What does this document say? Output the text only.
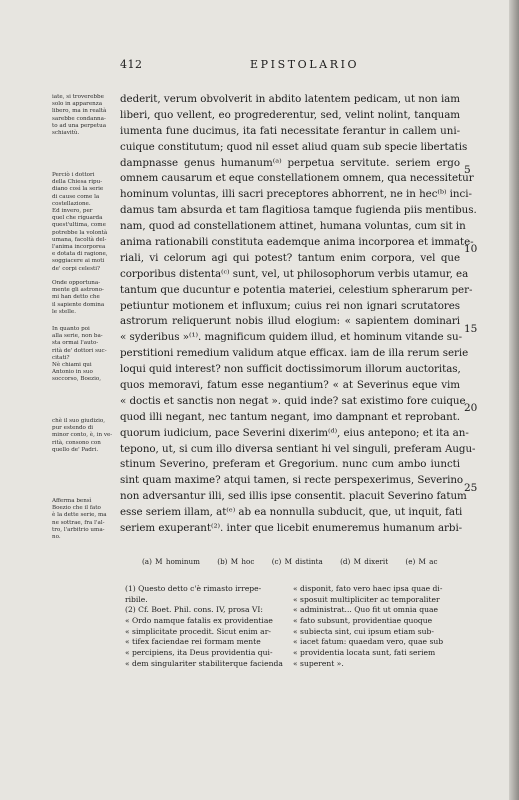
412	EPISTOLARIO
iate, si troverebbe
solo in apparenza
libero, ma in realtà
sarebbe condanna-
to ad una perpetua
schiavitù.
Perciò i dottori
della Chiesa ripu-
diano così la serie
di cause come la
costellazione.
Ed invero, per
quel che riguarda
quest'ultima, come
potrebbe la volontà
umana, facoltà del-
l'anima incorporea
e dotata di ragione,
soggiacere ai moti
de' corpi celesti?
Onde opportuna-
mente gli astrono-
mi han detto che
il sapiente domina
le stelle.
In quanto poi
alla serie, non ba-
sta ormai l'auto-
rità de' dottori suc-
citati?
Nè chiami qui
Antonio in suo
soccorso, Boezio,
chè il suo giudizio,
pur estendo di
minor conto, è, in ve-
rità, consono con
quello de' Padri.
Afferma bensì
Boezio che il fato
è la dette serie, ma
ne sottrae, fra l'al-
tro, l'arbitrio uma-
no.
dederit, verum obvolverit in abdito latentem pedicam, ut non iam
liberi, quo vellent, eo progrederentur, sed, velint nolint, tanquam
iumenta fune ducimus, ita fati necessitate ferantur in callem uni-
cuique constitutum; quod nil esset aliud quam sub specie libertatis
dampnasse genus humanum⁽ᵃ⁾ perpetua servitute. seriem ergo
omnem causarum et eque constellationem omnem, qua necessitetur
hominum voluntas, illi sacri preceptores abhorrent, ne in hec⁽ᵇ⁾ inci-
damus tam absurda et tam flagitiosa tamque fugienda piis mentibus.
nam, quod ad constellationem attinet, humana voluntas, cum sit in
anima rationabili constituta eademque anima incorporea et immate-
riali, vi celorum agi qui potest? tantum enim corpora, vel que
corporibus distenta⁽ᶜ⁾ sunt, vel, ut philosophorum verbis utamur, ea
tantum que ducuntur e potentia materiei, celestium spherarum per-
petiuntur motionem et influxum; cuius rei non ignari scrutatores
astrorum reliquerunt nobis illud elogium: « sapientem dominari
« syderibus »⁽¹⁾. magnificum quidem illud, et hominum vitande su-
perstitioni remedium validum atque efficax. iam de illa rerum serie
loqui quid interest? non sufficit doctissimorum illorum auctoritas,
quos memoravi, fatum esse negantium? « at Severinus eque vim
« doctis et sanctis non negat ». quid inde? sat existimo fore cuique
quod illi negant, nec tantum negant, imo dampnant et reprobant.
quorum iudicium, pace Severini dixerim⁽ᵈ⁾, eius antepono; et ita an-
tepono, ut, si cum illo diversa sentiant hi vel singuli, preferam Augu-
stinum Severino, preferam et Gregorium. nunc cum ambo iuncti
sint quam maxime? atqui tamen, si recte perspexerimus, Severino
non adversantur illi, sed illis ipse consentit. placuit Severino fatum
esse seriem illam, at⁽ᵉ⁾ ab ea nonnulla subducit, que, ut inquit, fati
seriem exuperant⁽²⁾. inter que licebit enumeremus humanum arbi-
5
10
15
20
25
(a) M hominum (b) M hoc (c) M distinta (d) M dixerit (e) M ac
(1) Questo detto c'è rimasto irrepe-
ribile.
(2) Cf. Boet. Phil. cons. IV, prosa VI:
« Ordo namque fatalis ex providentiae
« simplicitate procedit. Sicut enim ar-
« tifex faciendae rei formam mente
« percipiens, ita Deus providentia qui-
« dem singulariter stabiliterque facienda
« disponit, fato vero haec ipsa quae di-
« sposuit multipliciter ac temporaliter
« administrat... Quo fit ut omnia quae
« fato subsunt, providentiae quoque
« subiecta sint, cui ipsum etiam sub-
« iacet fatum: quaedam vero, quae sub
« providentia locata sunt, fati seriem
« superent ».
